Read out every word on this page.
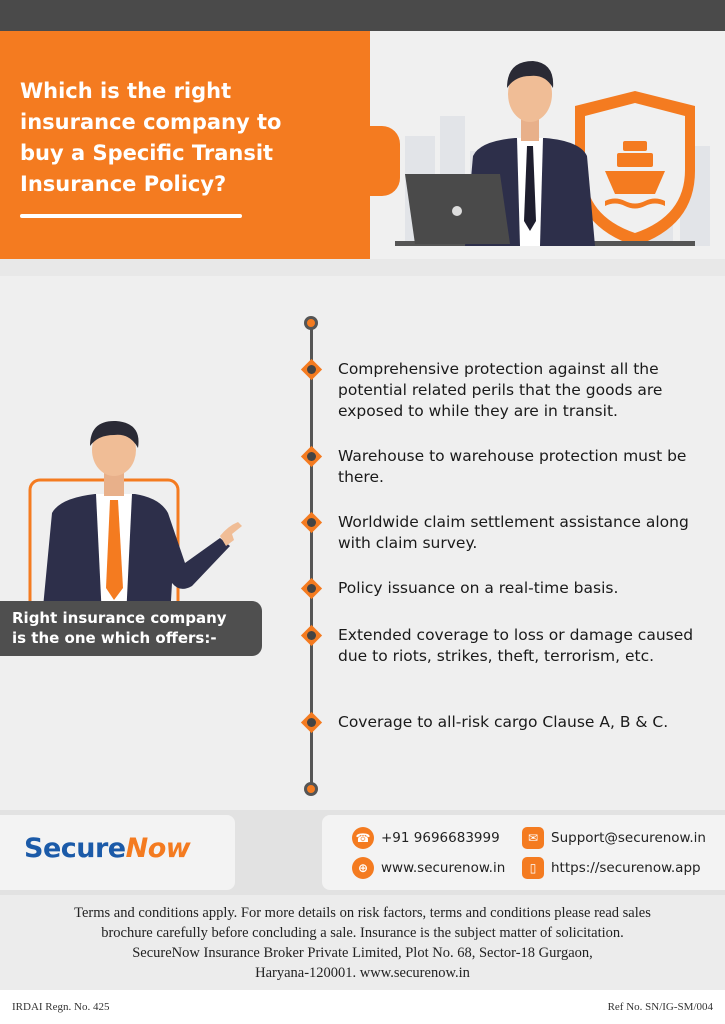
Which is the right insurance company to buy a Specific Transit Insurance Policy?
Right insurance company
is the one which offers:-
Comprehensive protection against all the potential related perils that the goods are exposed to while they are in transit.
Warehouse to warehouse protection must be there.
Worldwide claim settlement assistance along with claim survey.
Policy issuance on a real-time basis.
Extended coverage to loss or damage caused due to riots, strikes, theft, terrorism, etc.
Coverage to all-risk cargo Clause A, B & C.
SecureNow	☎ +91 9696683999	✉ Support@securenow.in
⊕ www.securenow.in	▯	https://securenow.app
Terms and conditions apply. For more details on risk factors, terms and conditions please read sales
brochure carefully before concluding a sale. Insurance is the subject matter of solicitation.
SecureNow Insurance Broker Private Limited, Plot No. 68, Sector-18 Gurgaon,
Haryana-120001. www.securenow.in
IRDAI Regn. No. 425	Ref No. SN/IG-SM/004
